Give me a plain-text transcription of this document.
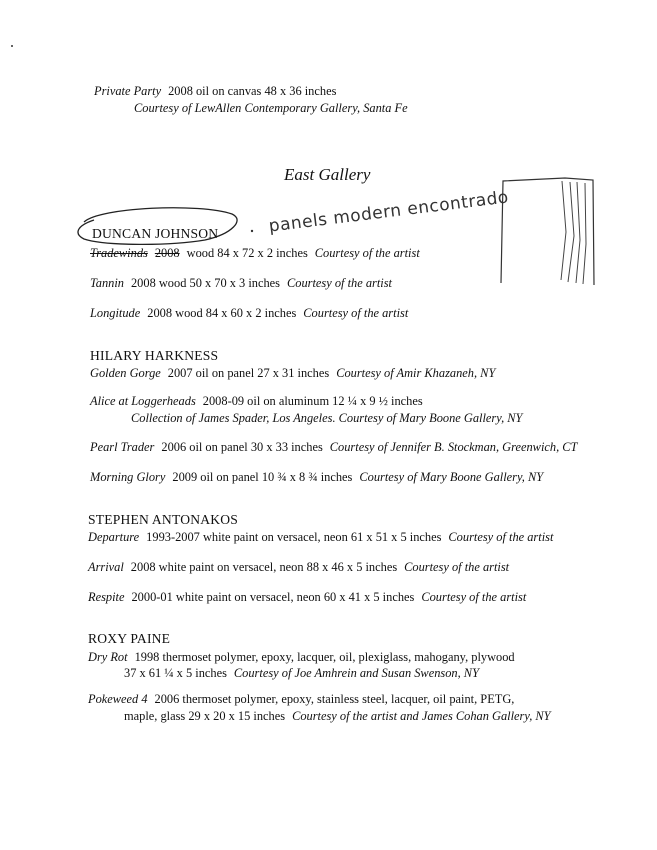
panels modern encontrado
Private Party 2008 oil on canvas 48 x 36 inches
Courtesy of LewAllen Contemporary Gallery, Santa Fe
East Gallery
DUNCAN JOHNSON
Tradewinds 2008 wood 84 x 72 x 2 inches Courtesy of the artist
Tannin 2008 wood 50 x 70 x 3 inches Courtesy of the artist
Longitude 2008 wood 84 x 60 x 2 inches Courtesy of the artist
HILARY HARKNESS
Golden Gorge 2007 oil on panel 27 x 31 inches Courtesy of Amir Khazaneh, NY
Alice at Loggerheads 2008-09 oil on aluminum 12 ¼ x 9 ½ inches
Collection of James Spader, Los Angeles. Courtesy of Mary Boone Gallery, NY
Pearl Trader 2006 oil on panel 30 x 33 inches Courtesy of Jennifer B. Stockman, Greenwich, CT
Morning Glory 2009 oil on panel 10 ¾ x 8 ¾ inches Courtesy of Mary Boone Gallery, NY
STEPHEN ANTONAKOS
Departure 1993-2007 white paint on versacel, neon 61 x 51 x 5 inches Courtesy of the artist
Arrival 2008 white paint on versacel, neon 88 x 46 x 5 inches Courtesy of the artist
Respite 2000-01 white paint on versacel, neon 60 x 41 x 5 inches Courtesy of the artist
ROXY PAINE
Dry Rot 1998 thermoset polymer, epoxy, lacquer, oil, plexiglass, mahogany, plywood
37 x 61 ¼ x 5 inches Courtesy of Joe Amhrein and Susan Swenson, NY
Pokeweed 4 2006 thermoset polymer, epoxy, stainless steel, lacquer, oil paint, PETG,
maple, glass 29 x 20 x 15 inches Courtesy of the artist and James Cohan Gallery, NY
